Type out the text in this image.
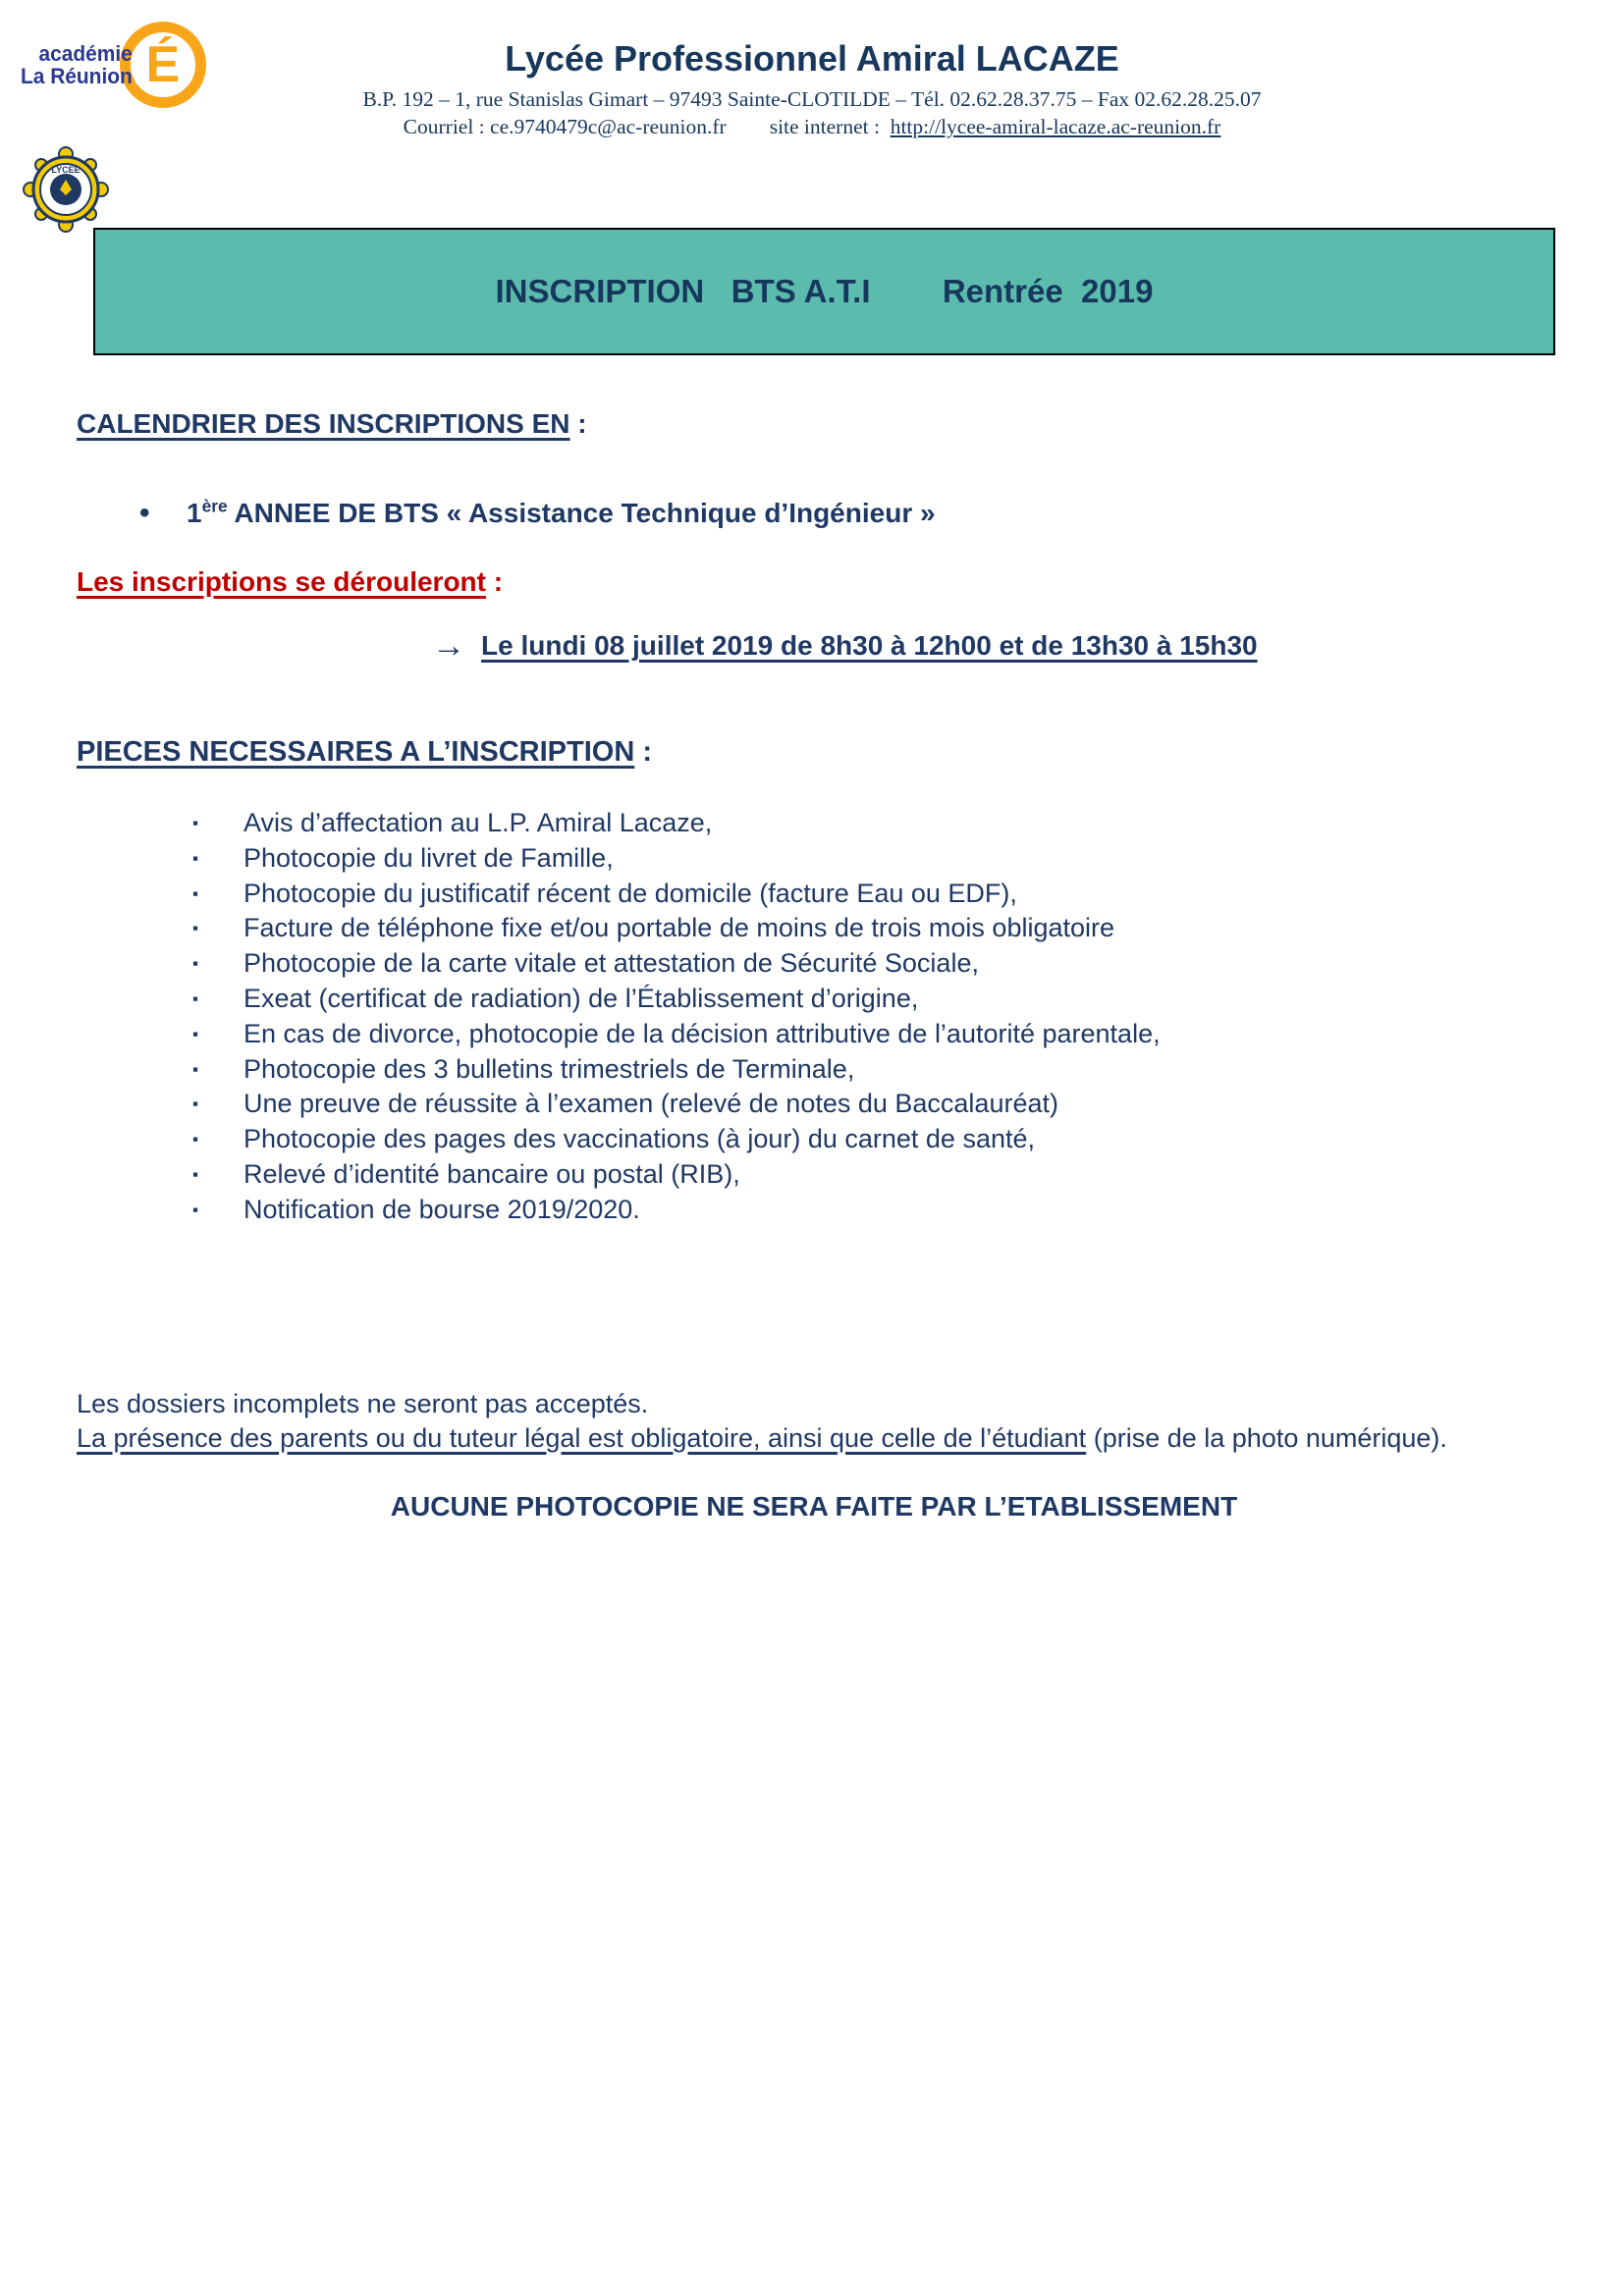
académie
La Réunion É
LYCEE
Lycée Professionnel Amiral LACAZE
B.P. 192 – 1, rue Stanislas Gimart – 97493 Sainte-CLOTILDE – Tél. 02.62.28.37.75 – Fax 02.62.28.25.07
Courriel : ce.9740479c@ac-reunion.fr site internet :  http://lycee-amiral-lacaze.ac-reunion.fr
INSCRIPTION   BTS A.T.I        Rentrée  2019
CALENDRIER DES INSCRIPTIONS EN :
•	1ère ANNEE DE BTS « Assistance Technique d’Ingénieur »
Les inscriptions se dérouleront :
→ Le lundi 08 juillet 2019 de 8h30 à 12h00 et de 13h30 à 15h30
PIECES NECESSAIRES A L’INSCRIPTION :
▪	Avis d’affectation au L.P. Amiral Lacaze,
▪	Photocopie du livret de Famille,
▪	Photocopie du justificatif récent de domicile (facture Eau ou EDF),
▪	Facture de téléphone fixe et/ou portable de moins de trois mois obligatoire
▪	Photocopie de la carte vitale et attestation de Sécurité Sociale,
▪	Exeat (certificat de radiation) de l’Établissement d’origine,
▪	En cas de divorce, photocopie de la décision attributive de l’autorité parentale,
▪	Photocopie des 3 bulletins trimestriels de Terminale,
▪	Une preuve de réussite à l’examen (relevé de notes du Baccalauréat)
▪	Photocopie des pages des vaccinations (à jour) du carnet de santé,
▪	Relevé d’identité bancaire ou postal (RIB),
▪	Notification de bourse 2019/2020.
Les dossiers incomplets ne seront pas acceptés.
La présence des parents ou du tuteur légal est obligatoire, ainsi que celle de l’étudiant (prise de la photo numérique).
AUCUNE PHOTOCOPIE NE SERA FAITE PAR L’ETABLISSEMENT
